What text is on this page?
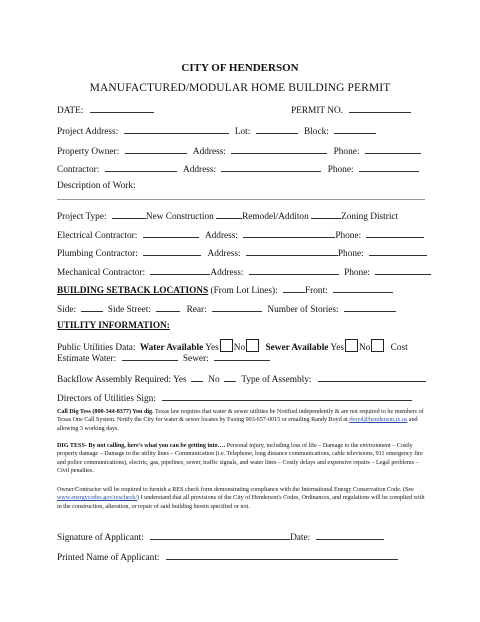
CITY OF HENDERSON
MANUFACTURED/MODULAR HOME BUILDING PERMIT
DATE:	PERMIT NO.
Project Address:	Lot:	Block:
Property Owner:	Address:	Phone:
Contractor:	Address:	Phone:
Description of Work:
Project Type:	New Construction	Remodel/Additon	Zoning District
Electrical Contractor:	Address:	Phone:
Plumbing Contractor:	Address:	Phone:
Mechanical Contractor:	Address:	Phone:
BUILDING SETBACK LOCATIONS (From Lot Lines):	Front:
Side:	Side Street:	Rear:	Number of Stories:
UTILITY INFORMATION:
Public Utilities Data: Water Available Yes No Sewer Available Yes No Cost
Estimate Water:	Sewer:
Backflow Assembly Required: Yes No Type of Assembly:
Directors of Utilities Sign:
Call Dig Tess (800-344-8377) You dig. Texas law requires that water & sewer utilities be Notified independently & are not required to be members of Texas One Call System. Notify the City for water & sewer locates by Faxing 903-657-0015 or emailing Randy Boyd at rboyd@henderson.tx.us and allowing 3 working days.
DIG TESS- By not calling, here's what you can be getting into…. Personal injury, including loss of life – Damage to the environment – Costly property damage – Damage to the utility lines – Communication (i.e. Telephone, long distance communications, cable televisions, 911 emergency fire and police communications), electric, gas, pipelines, sewer, traffic signals, and water lines – Costly delays and expensive repairs – Legal problems – Civil penalties.
Owner/Contractor will be required to furnish a RES check form demonstrating compliance with the International Energy Conservation Code. (See www.energycodes.gov/rescheck/) I understand that all provisions of the City of Henderson's Codes, Ordinances, and regulations will be complied with in the construction, alteration, or repair of said building herein specified or not.
Signature of Applicant:	Date:
Printed Name of Applicant:
